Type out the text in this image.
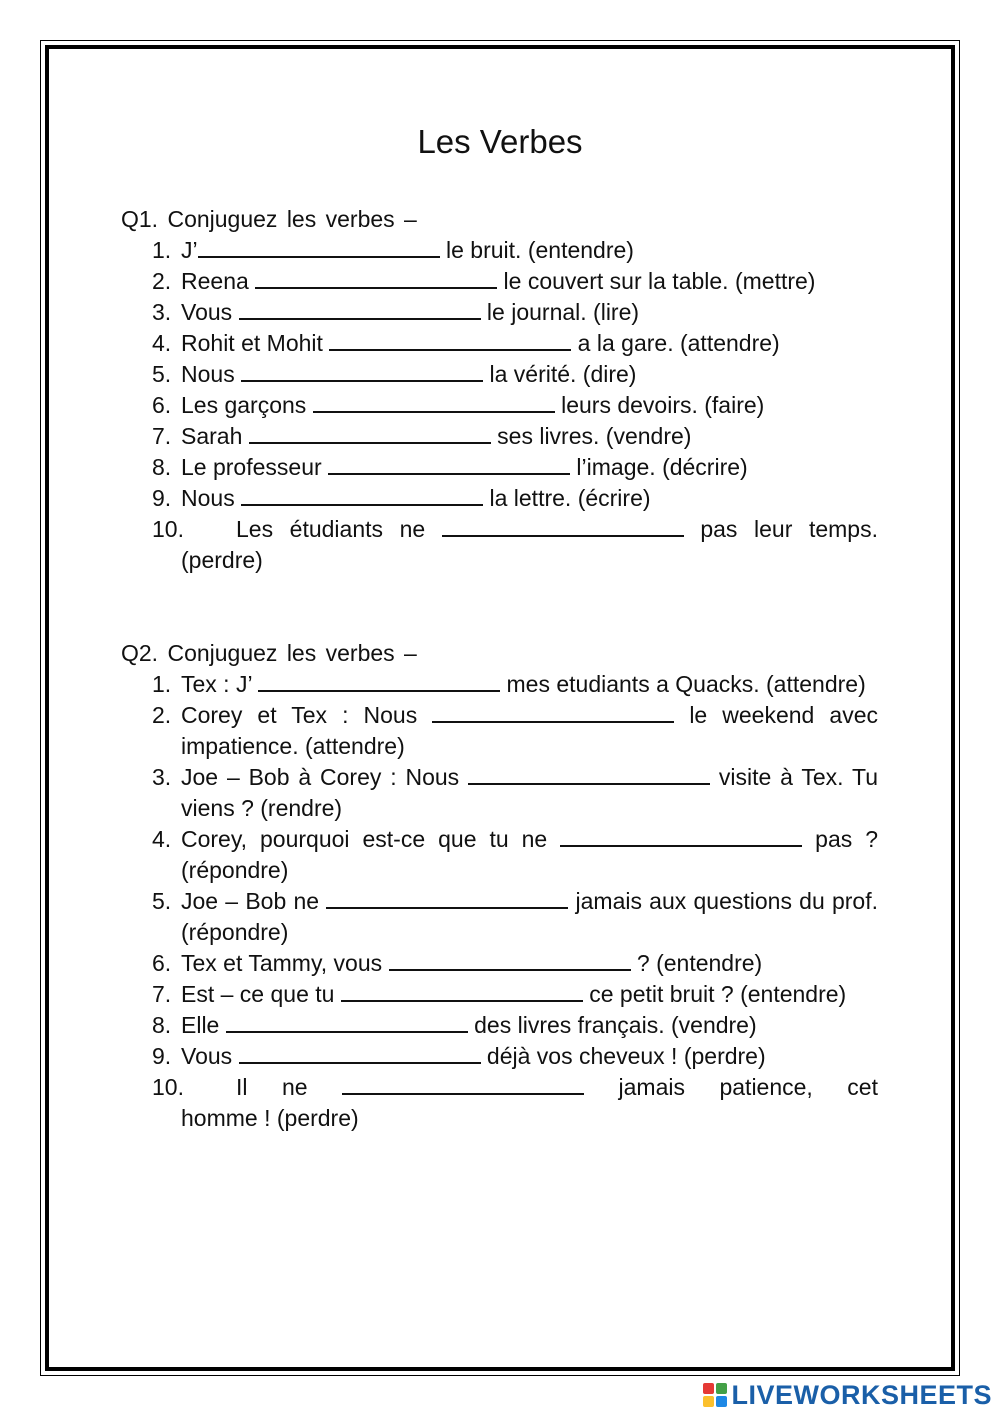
Les Verbes
Q1. Conjuguez les verbes –
1. J’	le bruit. (entendre)
2. Reena	le couvert sur la table. (mettre)
3. Vous	le journal. (lire)
4. Rohit et Mohit	a la gare. (attendre)
5. Nous	la vérité. (dire)
6. Les garçons	leurs devoirs. (faire)
7. Sarah	ses livres. (vendre)
8. Le professeur	l’image. (décrire)
9. Nous	la lettre. (écrire)
10. Les étudiants ne	pas leur temps.
(perdre)
Q2. Conjuguez les verbes –
1. Tex : J’	mes etudiants a Quacks. (attendre)
2. Corey et Tex : Nous	le weekend avec impatience. (attendre)
3. Joe – Bob à Corey : Nous	visite à Tex. Tu viens ? (rendre)
4. Corey, pourquoi est-ce que tu ne	pas ? (répondre)
5. Joe – Bob ne	jamais aux questions du prof. (répondre)
6. Tex et Tammy, vous	? (entendre)
7. Est – ce que tu	ce petit bruit ? (entendre)
8. Elle	des livres français. (vendre)
9. Vous	déjà vos cheveux ! (perdre)
10. Il ne	jamais patience, cet
homme ! (perdre)
LIVEWORKSHEETS
